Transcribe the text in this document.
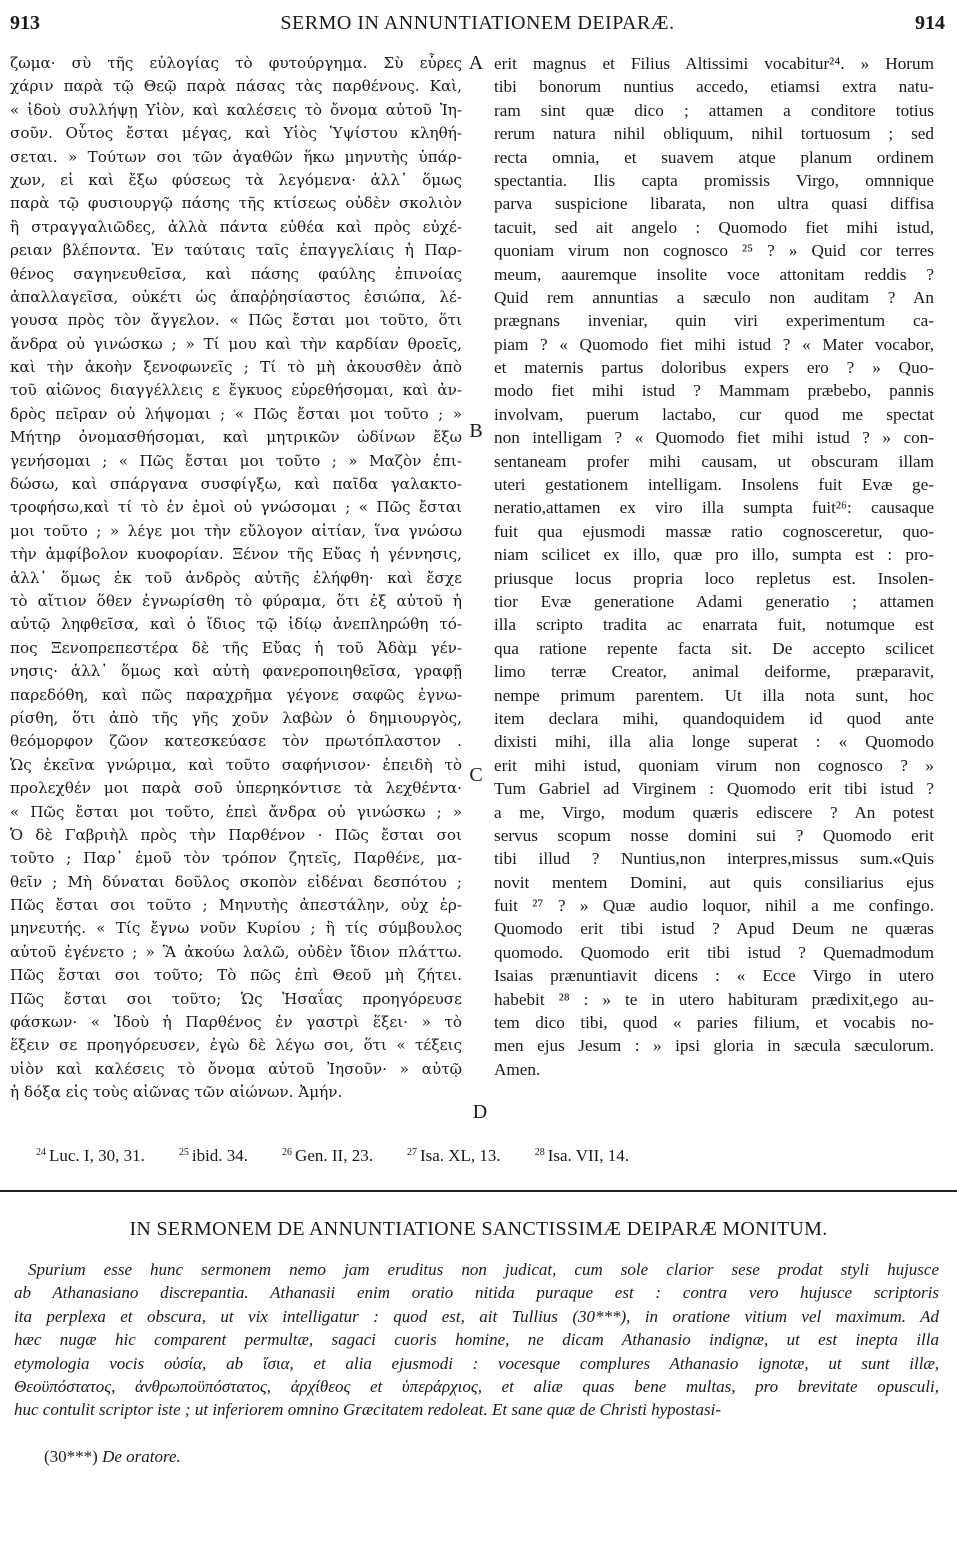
913	SERMO IN ANNUNTIATIONEM DEIPARÆ.	914
ζωμα· σὺ τῆς εὐλογίας τὸ φυτούργημα. Σὺ εὗρες
χάριν παρὰ τῷ Θεῷ παρὰ πάσας τὰς παρθένους. Καὶ,
« ἰδοὺ συλλήψῃ Υἱὸν, καὶ καλέσεις τὸ ὄνομα αὐτοῦ Ἰη-
σοῦν. Οὗτος ἔσται μέγας, καὶ Υἱὸς Ὑψίστου κληθή-
σεται. » Τούτων σοι τῶν ἀγαθῶν ἥκω μηνυτὴς ὑπάρ-
χων, εἰ καὶ ἔξω φύσεως τὰ λεγόμενα· ἀλλ᾽ ὅμως
παρὰ τῷ φυσιουργῷ πάσης τῆς κτίσεως οὐδὲν σκολιὸν
ἢ στραγγαλιῶδες, ἀλλὰ πάντα εὐθέα καὶ πρὸς εὐχέ-
ρειαν βλέποντα. Ἐν ταύταις ταῖς ἐπαγγελίαις ἡ Παρ-
θένος σαγηνευθεῖσα, καὶ πάσης φαύλης ἐπινοίας
ἀπαλλαγεῖσα, οὐκέτι ὡς ἀπαῤῥησίαστος ἐσιώπα, λέ-
γουσα πρὸς τὸν ἄγγελον. « Πῶς ἔσται μοι τοῦτο, ὅτι
ἄνδρα οὐ γινώσκω ; » Τί μου καὶ τὴν καρδίαν θροεῖς,
καὶ τὴν ἀκοὴν ξενοφωνεῖς ; Τί τὸ μὴ ἀκουσθὲν ἀπὸ
τοῦ αἰῶνος διαγγέλλεις ε ἔγκυος εὑρεθήσομαι, καὶ ἀν-
δρὸς πεῖραν οὐ λήψομαι ; « Πῶς ἔσται μοι τοῦτο ; »
Μήτηρ ὀνομασθήσομαι, καὶ μητρικῶν ὠδίνων ἔξω
γενήσομαι ; « Πῶς ἔσται μοι τοῦτο ; » Μαζὸν ἐπι-
δώσω, καὶ σπάργανα συσφίγξω, καὶ παῖδα γαλακτο-
τροφήσω,καὶ τί τὸ ἐν ἐμοὶ οὐ γνώσομαι ; « Πῶς ἔσται
μοι τοῦτο ; » λέγε μοι τὴν εὔλογον αἰτίαν, ἵνα γνώσω
τὴν ἀμφίβολον κυοφορίαν. Ξένον τῆς Εὔας ἡ γέννησις,
ἀλλ᾽ ὅμως ἐκ τοῦ ἀνδρὸς αὐτῆς ἐλήφθη· καὶ ἔσχε
τὸ αἴτιον ὅθεν ἐγνωρίσθη τὸ φύραμα, ὅτι ἐξ αὐτοῦ ἡ
αὐτῷ ληφθεῖσα, καὶ ὁ ἴδιος τῷ ἰδίῳ ἀνεπληρώθη τό-
πος Ξενοπρεπεστέρα δὲ τῆς Εὔας ἡ τοῦ Ἀδὰμ γέν-
νησις· ἀλλ᾽ ὅμως καὶ αὐτὴ φανεροποιηθεῖσα, γραφῇ
παρεδόθη, καὶ πῶς παραχρῆμα γέγονε σαφῶς ἐγνω-
ρίσθη, ὅτι ἀπὸ τῆς γῆς χοῦν λαβὼν ὁ δημιουργὸς,
θεόμορφον ζῶον κατεσκεύασε τὸν πρωτόπλαστον .
Ὡς ἐκεῖνα γνώριμα, καὶ τοῦτο σαφήνισον· ἐπειδὴ τὸ
προλεχθέν μοι παρὰ σοῦ ὑπερηκόντισε τὰ λεχθέντα·
« Πῶς ἔσται μοι τοῦτο, ἐπεὶ ἄνδρα οὐ γινώσκω ; »
Ὁ δὲ Γαβριὴλ πρὸς τὴν Παρθένον · Πῶς ἔσται σοι
τοῦτο ; Παρ᾽ ἐμοῦ τὸν τρόπον ζητεῖς, Παρθένε, μα-
θεῖν ; Μὴ δύναται δοῦλος σκοπὸν εἰδέναι δεσπότου ;
Πῶς ἔσται σοι τοῦτο ; Μηνυτὴς ἀπεστάλην, οὐχ ἑρ-
μηνευτής. « Τίς ἔγνω νοῦν Κυρίου ; ἢ τίς σύμβουλος
αὐτοῦ ἐγένετο ; » Ἃ ἀκούω λαλῶ, οὐδὲν ἴδιον πλάττω.
Πῶς ἔσται σοι τοῦτο; Τὸ πῶς ἐπὶ Θεοῦ μὴ ζήτει.
Πῶς ἔσται σοι τοῦτο; Ὡς Ἡσαΐας προηγόρευσε
φάσκων· « Ἰδοὺ ἡ Παρθένος ἐν γαστρὶ ἕξει· » τὸ
ἕξειν σε προηγόρευσεν, ἐγὼ δὲ λέγω σοι, ὅτι « τέξεις
υἱὸν καὶ καλέσεις τὸ ὄνομα αὐτοῦ Ἰησοῦν· » αὐτῷ
ἡ δόξα εἰς τοὺς αἰῶνας τῶν αἰώνων. Ἀμήν.
erit magnus et Filius Altissimi vocabitur²⁴. » Horum
tibi bonorum nuntius accedo, etiamsi extra natu-
ram sint quæ dico ; attamen a conditore totius
rerum natura nihil obliquum, nihil tortuosum ; sed
recta omnia, et suavem atque planum ordinem
spectantia. Ilis capta promissis Virgo, omnnique
parva suspicione libarata, non ultra quasi diffisa
tacuit, sed ait angelo : Quomodo fiet mihi istud,
quoniam virum non cognosco ²⁵ ? » Quid cor terres
meum, aauremque insolite voce attonitam reddis ?
Quid rem annuntias a sæculo non auditam ? An
prægnans inveniar, quin viri experimentum ca-
piam ? « Quomodo fiet mihi istud ? « Mater vocabor,
et maternis partus doloribus expers ero ? » Quo-
modo fiet mihi istud ? Mammam præbebo, pannis
involvam, puerum lactabo, cur quod me spectat
non intelligam ? « Quomodo fiet mihi istud ? » con-
sentaneam profer mihi causam, ut obscuram illam
uteri gestationem intelligam. Insolens fuit Evæ ge-
neratio,attamen ex viro illa sumpta fuit²⁶: causaque
fuit qua ejusmodi massæ ratio cognosceretur, quo-
niam scilicet ex illo, quæ pro illo, sumpta est : pro-
priusque locus propria loco repletus est. Insolen-
tior Evæ generatione Adami generatio ; attamen
illa scripto tradita ac enarrata fuit, notumque est
qua ratione repente facta sit. De accepto scilicet
limo terræ Creator, animal deiforme, præparavit,
nempe primum parentem. Ut illa nota sunt, hoc
item declara mihi, quandoquidem id quod ante
dixisti mihi, illa alia longe superat : « Quomodo
erit mihi istud, quoniam virum non cognosco ? »
Tum Gabriel ad Virginem : Quomodo erit tibi istud ?
a me, Virgo, modum quæris ediscere ? An potest
servus scopum nosse domini sui ? Quomodo erit
tibi illud ? Nuntius,non interpres,missus sum.«Quis
novit mentem Domini, aut quis consiliarius ejus
fuit ²⁷ ? » Quæ audio loquor, nihil a me confingo.
Quomodo erit tibi istud ? Apud Deum ne quæras
quomodo. Quomodo erit tibi istud ? Quemadmodum
Isaias prænuntiavit dicens : « Ecce Virgo in utero
habebit ²⁸ : » te in utero habituram prædixit,ego au-
tem dico tibi, quod « paries filium, et vocabis no-
men ejus Jesum : » ipsi gloria in sæcula sæculorum.
Amen.
A
B
C
D
$^{24}$ Luc. I, 30, 31.	$^{25}$ ibid. 34.	$^{26}$ Gen. II, 23.	$^{27}$ Isa. XL, 13.	$^{28}$ Isa. VII, 14.
IN SERMONEM DE ANNUNTIATIONE SANCTISSIMÆ DEIPARÆ MONITUM.
Spurium esse hunc sermonem nemo jam eruditus non judicat, cum sole clarior sese prodat styli hujusce
ab Athanasiano discrepantia. Athanasii enim oratio nitida puraque est : contra vero hujusce scriptoris
ita perplexa et obscura, ut vix intelligatur : quod est, ait Tullius (30***), in oratione vitium vel maximum. Ad
hæc nugæ hic comparent permultæ, sagaci cuoris homine, ne dicam Athanasio indignæ, ut est inepta illa
etymologia vocis οὐσία, ab ἴσια, et alia ejusmodi : vocesque complures Athanasio ignotæ, ut sunt illæ,
Θεοϋπόστατος, ἀνθρωποϋπόστατος, ἀρχίθεος et ὑπεράρχιος, et aliæ quas bene multas, pro brevitate opusculi,
huc contulit scriptor iste ; ut inferiorem omnino Græcitatem redoleat. Et sane quæ de Christi hypostasi-
(30***) De oratore.
